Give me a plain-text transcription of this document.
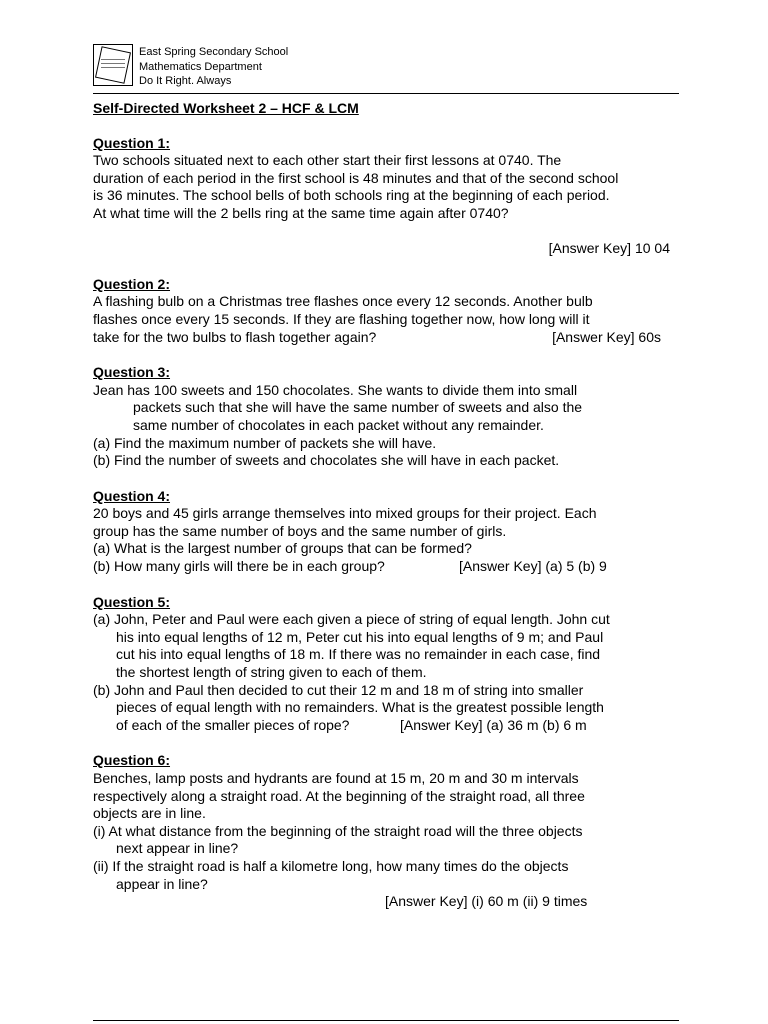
East Spring Secondary School
Mathematics Department
Do It Right. Always
Self-Directed Worksheet 2 – HCF & LCM
Question 1:
Two schools situated next to each other start their first lessons at 0740. The
duration of each period in the first school is 48 minutes and that of the second school
is 36 minutes. The school bells of both schools ring at the beginning of each period.
At what time will the 2 bells ring at the same time again after 0740?
[Answer Key] 10 04
Question 2:
A flashing bulb on a Christmas tree flashes once every 12 seconds. Another bulb
flashes once every 15 seconds. If they are flashing together now, how long will it
take for the two bulbs to flash together again?	[Answer Key] 60s
Question 3:
Jean has 100 sweets and 150 chocolates. She wants to divide them into small
packets such that she will have the same number of sweets and also the
same number of chocolates in each packet without any remainder.
(a) Find the maximum number of packets she will have.
(b) Find the number of sweets and chocolates she will have in each packet.
Question 4:
20 boys and 45 girls arrange themselves into mixed groups for their project. Each
group has the same number of boys and the same number of girls.
(a) What is the largest number of groups that can be formed?
(b) How many girls will there be in each group?	[Answer Key] (a) 5 (b) 9
Question 5:
(a) John, Peter and Paul were each given a piece of string of equal length. John cut
his into equal lengths of 12 m, Peter cut his into equal lengths of 9 m; and Paul
cut his into equal lengths of 18 m. If there was no remainder in each case, find
the shortest length of string given to each of them.
(b) John and Paul then decided to cut their 12 m and 18 m of string into smaller
pieces of equal length with no remainders. What is the greatest possible length
of each of the smaller pieces of rope?	[Answer Key] (a) 36 m (b) 6 m
Question 6:
Benches, lamp posts and hydrants are found at 15 m, 20 m and 30 m intervals
respectively along a straight road. At the beginning of the straight road, all three
objects are in line.
(i) At what distance from the beginning of the straight road will the three objects
next appear in line?
(ii) If the straight road is half a kilometre long, how many times do the objects
appear in line?
[Answer Key] (i) 60 m (ii) 9 times
